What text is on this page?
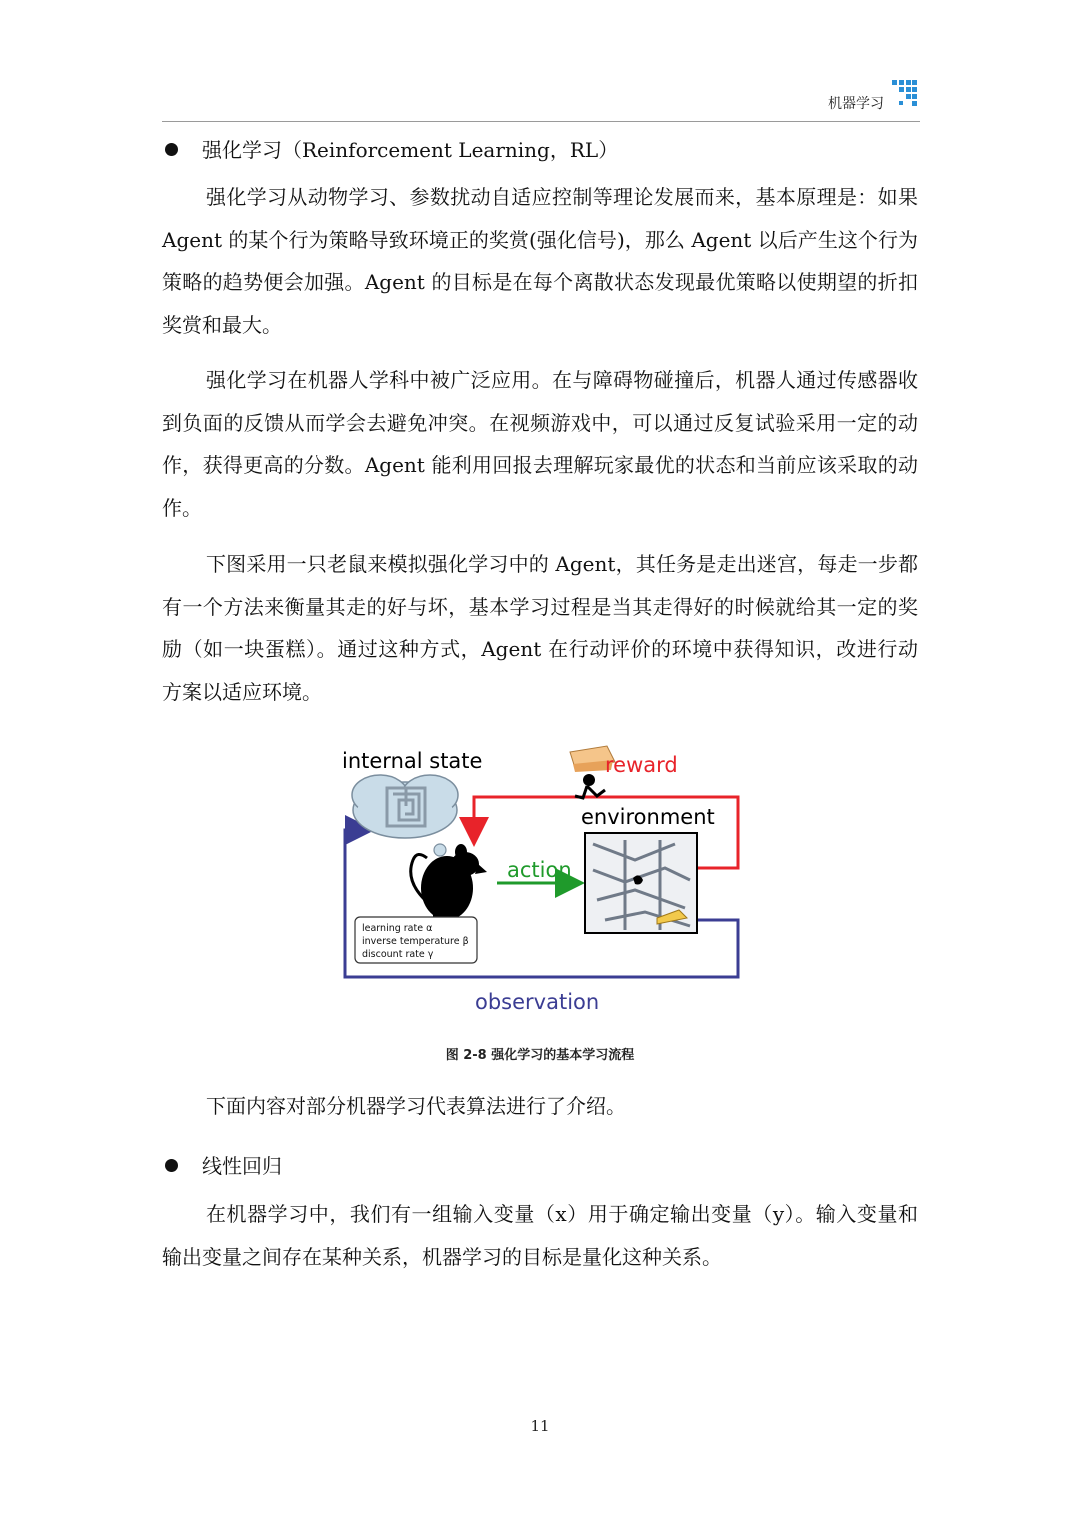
机器学习
强化学习（Reinforcement Learning，RL）
强化学习从动物学习、参数扰动自适应控制等理论发展而来，基本原理是：如果 Agent 的某个行为策略导致环境正的奖赏(强化信号)，那么 Agent 以后产生这个行为策略的趋势便会加强。Agent 的目标是在每个离散状态发现最优策略以使期望的折扣奖赏和最大。
强化学习在机器人学科中被广泛应用。在与障碍物碰撞后，机器人通过传感器收到负面的反馈从而学会去避免冲突。在视频游戏中，可以通过反复试验采用一定的动作，获得更高的分数。Agent 能利用回报去理解玩家最优的状态和当前应该采取的动作。
下图采用一只老鼠来模拟强化学习中的 Agent，其任务是走出迷宫，每走一步都有一个方法来衡量其走的好与坏，基本学习过程是当其走得好的时候就给其一定的奖励（如一块蛋糕）。通过这种方式，Agent 在行动评价的环境中获得知识，改进行动方案以适应环境。
learning rate α
inverse temperature β
discount rate γ
internal state	reward
environment
action
observation
图 2-8 强化学习的基本学习流程
下面内容对部分机器学习代表算法进行了介绍。
线性回归
在机器学习中，我们有一组输入变量（x）用于确定输出变量（y）。输入变量和输出变量之间存在某种关系，机器学习的目标是量化这种关系。
11
